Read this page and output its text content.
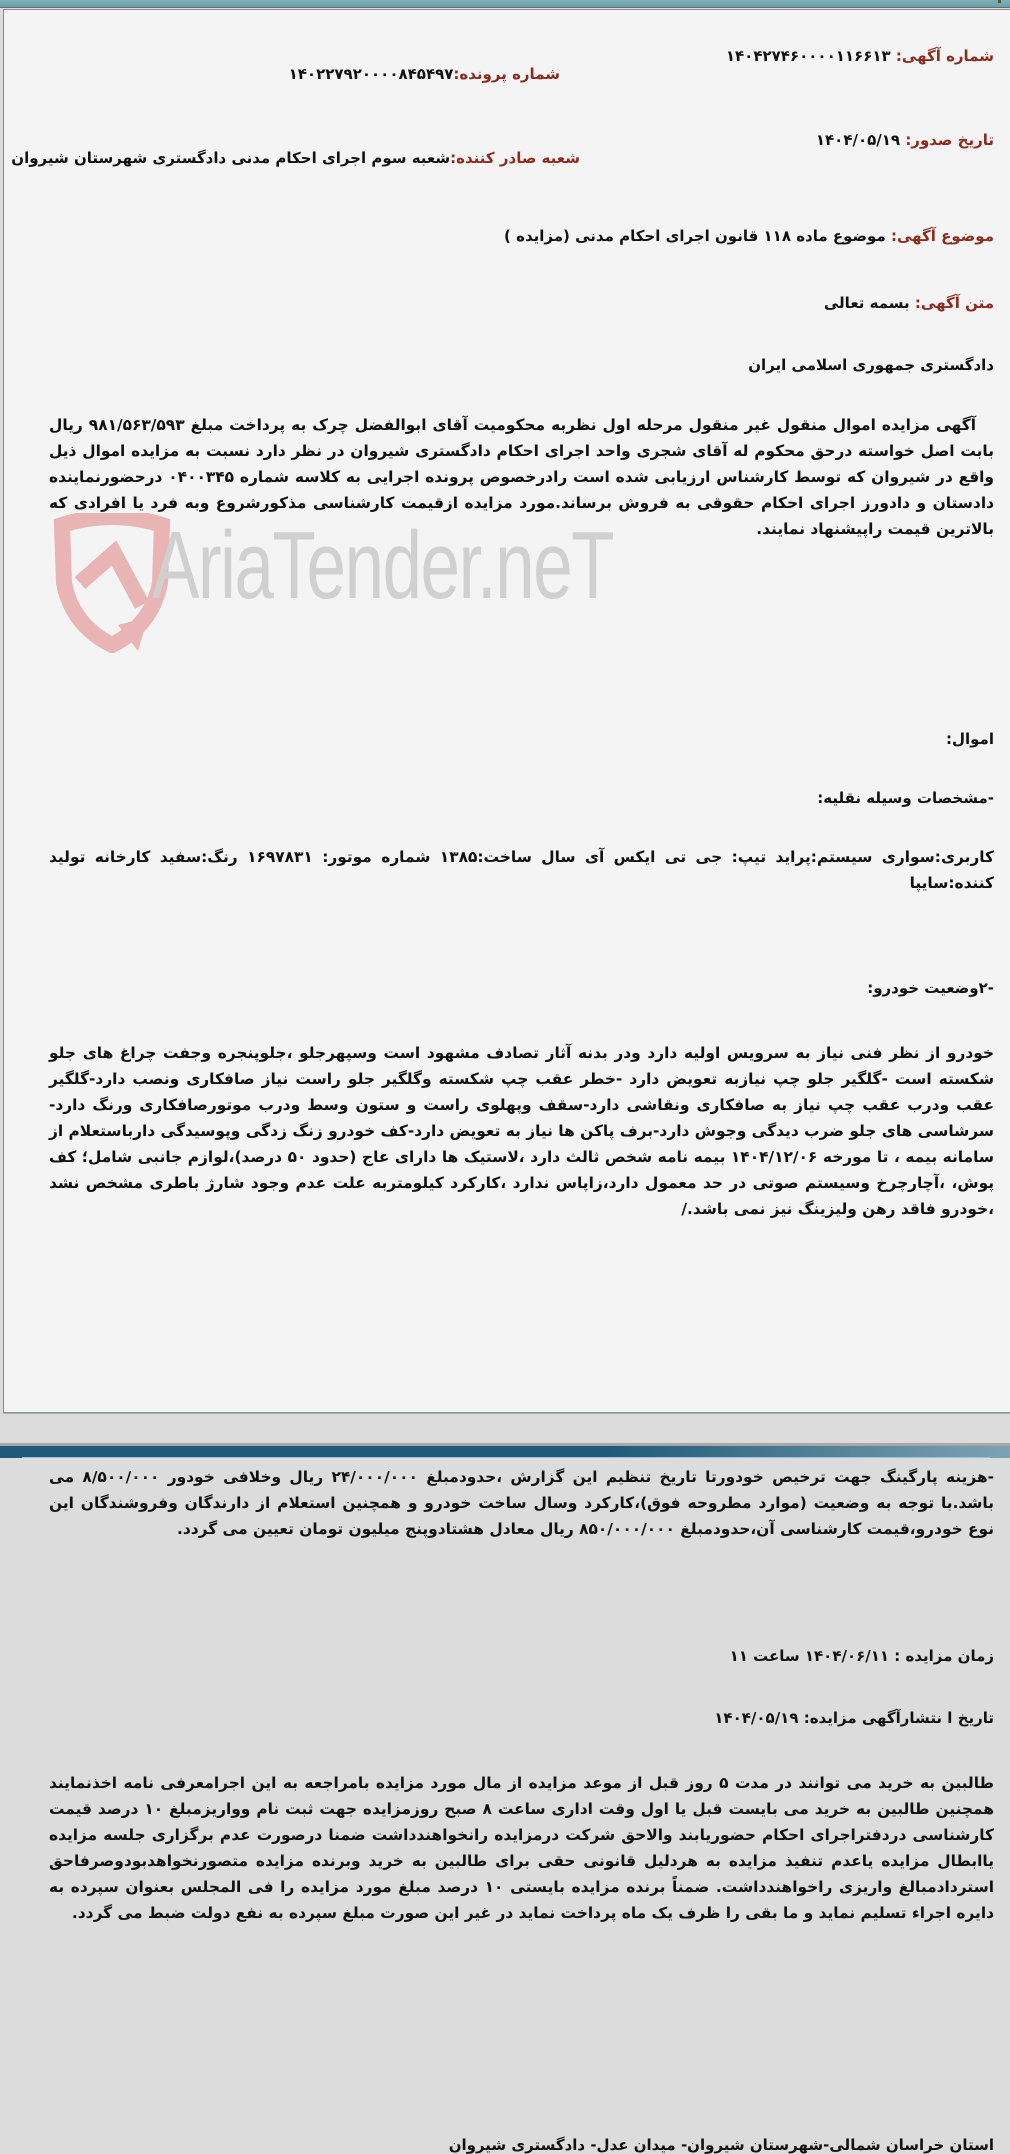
AriaTender.neT
شماره آگهی: ۱۴۰۴۲۷۴۶۰۰۰۰۱۱۶۶۱۳
شماره پرونده:۱۴۰۲۲۷۹۲۰۰۰۰۸۴۵۴۹۷
تاریخ صدور: ۱۴۰۴/۰۵/۱۹
شعبه صادر کننده:شعبه سوم اجرای احکام مدنی دادگستری شهرستان شیروان
موضوع آگهی: موضوع ماده ۱۱۸ قانون اجرای احکام مدنی (مزایده )
متن آگهی: بسمه تعالی
دادگستری جمهوری اسلامی ایران
آگهی مزایده اموال منقول غیر منقول مرحله اول نظربه محکومیت آقای ابوالفضل چرک به پرداخت مبلغ ۹۸۱/۵۶۳/۵۹۳ ریال بابت اصل خواسته درحق محکوم له آقای شجری واحد اجرای احکام دادگستری شیروان در نظر دارد نسبت به مزایده اموال ذیل واقع در شیروان که توسط کارشناس ارزیابی شده است رادرخصوص پرونده اجرایی به کلاسه شماره ۰۴۰۰۳۴۵ درحضورنماینده دادستان و دادورز اجرای احکام حقوقی به فروش برساند.مورد مزایده ازقیمت کارشناسی مذکورشروع وبه فرد یا افرادی که بالاترین قیمت راپیشنهاد نمایند.
اموال:
-مشخصات وسیله نقلیه:
کاربری:سواری سیستم:پراید تیپ: جی تی ایکس آی سال ساخت:۱۳۸۵ شماره موتور: ۱۶۹۷۸۳۱ رنگ:سفید کارخانه تولید کننده:سایپا
-۲وضعیت خودرو:
خودرو از نظر فنی نیاز به سرویس اولیه دارد ودر بدنه آثار تصادف مشهود است وسپهرجلو ،جلوپنجره وجفت چراغ های جلو شکسته است -گلگیر جلو چپ نیازبه تعویض دارد -خطر عقب چپ شکسته وگلگیر جلو راست نیاز صافکاری ونصب دارد-گلگیر عقب ودرب عقب چپ نیاز به صافکاری ونقاشی دارد-سقف وپهلوی راست و ستون وسط ودرب موتورصافکاری ورنگ دارد-سرشاسی های جلو ضرب دیدگی وجوش دارد-برف پاکن ها نیاز به تعویض دارد-کف خودرو زنگ زدگی وپوسیدگی دارباستعلام از سامانه بیمه ، تا مورخه ۱۴۰۴/۱۲/۰۶ بیمه نامه شخص ثالث دارد ،لاستیک ها دارای عاج (حدود ۵۰ درصد)،لوازم جانبی شامل؛ کف پوش، ،آچارچرخ وسیستم صوتی در حد معمول دارد،زاپاس ندارد ،کارکرد کیلومتربه علت عدم وجود شارژ باطری مشخص نشد ،خودرو فاقد رهن ولیزینگ نیز نمی باشد./
-هزینه پارگینگ جهت ترخیص خودورتا تاریخ تنظیم این گزارش ،حدودمبلغ ۲۴/۰۰۰/۰۰۰ ریال وخلافی خودور ۸/۵۰۰/۰۰۰ می باشد.با توجه به وضعیت (موارد مطروحه فوق)،کارکرد وسال ساخت خودرو و همچنین استعلام از دارندگان وفروشندگان این نوع خودرو،قیمت کارشناسی آن،حدودمبلغ ۸۵۰/۰۰۰/۰۰۰ ریال معادل هشتادوپنج میلیون تومان تعیین می گردد.
زمان مزایده : ۱۴۰۴/۰۶/۱۱ ساعت ۱۱
تاریخ ا نتشارآگهی مزایده: ۱۴۰۴/۰۵/۱۹
طالبین به خرید می توانند در مدت ۵ روز قبل از موعد مزایده از مال مورد مزایده بامراجعه به این اجرامعرفی نامه اخذنمایند همچنین طالبین به خرید می بایست قبل یا اول وقت اداری ساعت ۸ صبح روزمزایده جهت ثبت نام وواریزمبلغ ۱۰ درصد قیمت کارشناسی دردفتراجرای احکام حضوریابند والاحق شرکت درمزایده رانخواهندداشت ضمنا درصورت عدم برگزاری جلسه مزایده یاابطال مزایده یاعدم تنفیذ مزایده به هردلیل قانونی حقی برای طالبین به خرید وبرنده مزایده متصورنخواهدبودوصرفاحق استردادمبالغ واریزی راخواهندداشت. ضمناً برنده مزایده بایستی ۱۰ درصد مبلغ مورد مزایده را فی المجلس بعنوان سپرده به دایره اجراء تسلیم نماید و ما بقی را ظرف یک ماه پرداخت نماید در غیر این صورت مبلغ سپرده به نفع دولت ضبط می گردد.
استان خراسان شمالی-شهرستان شیروان- میدان عدل- دادگستری شیروان
